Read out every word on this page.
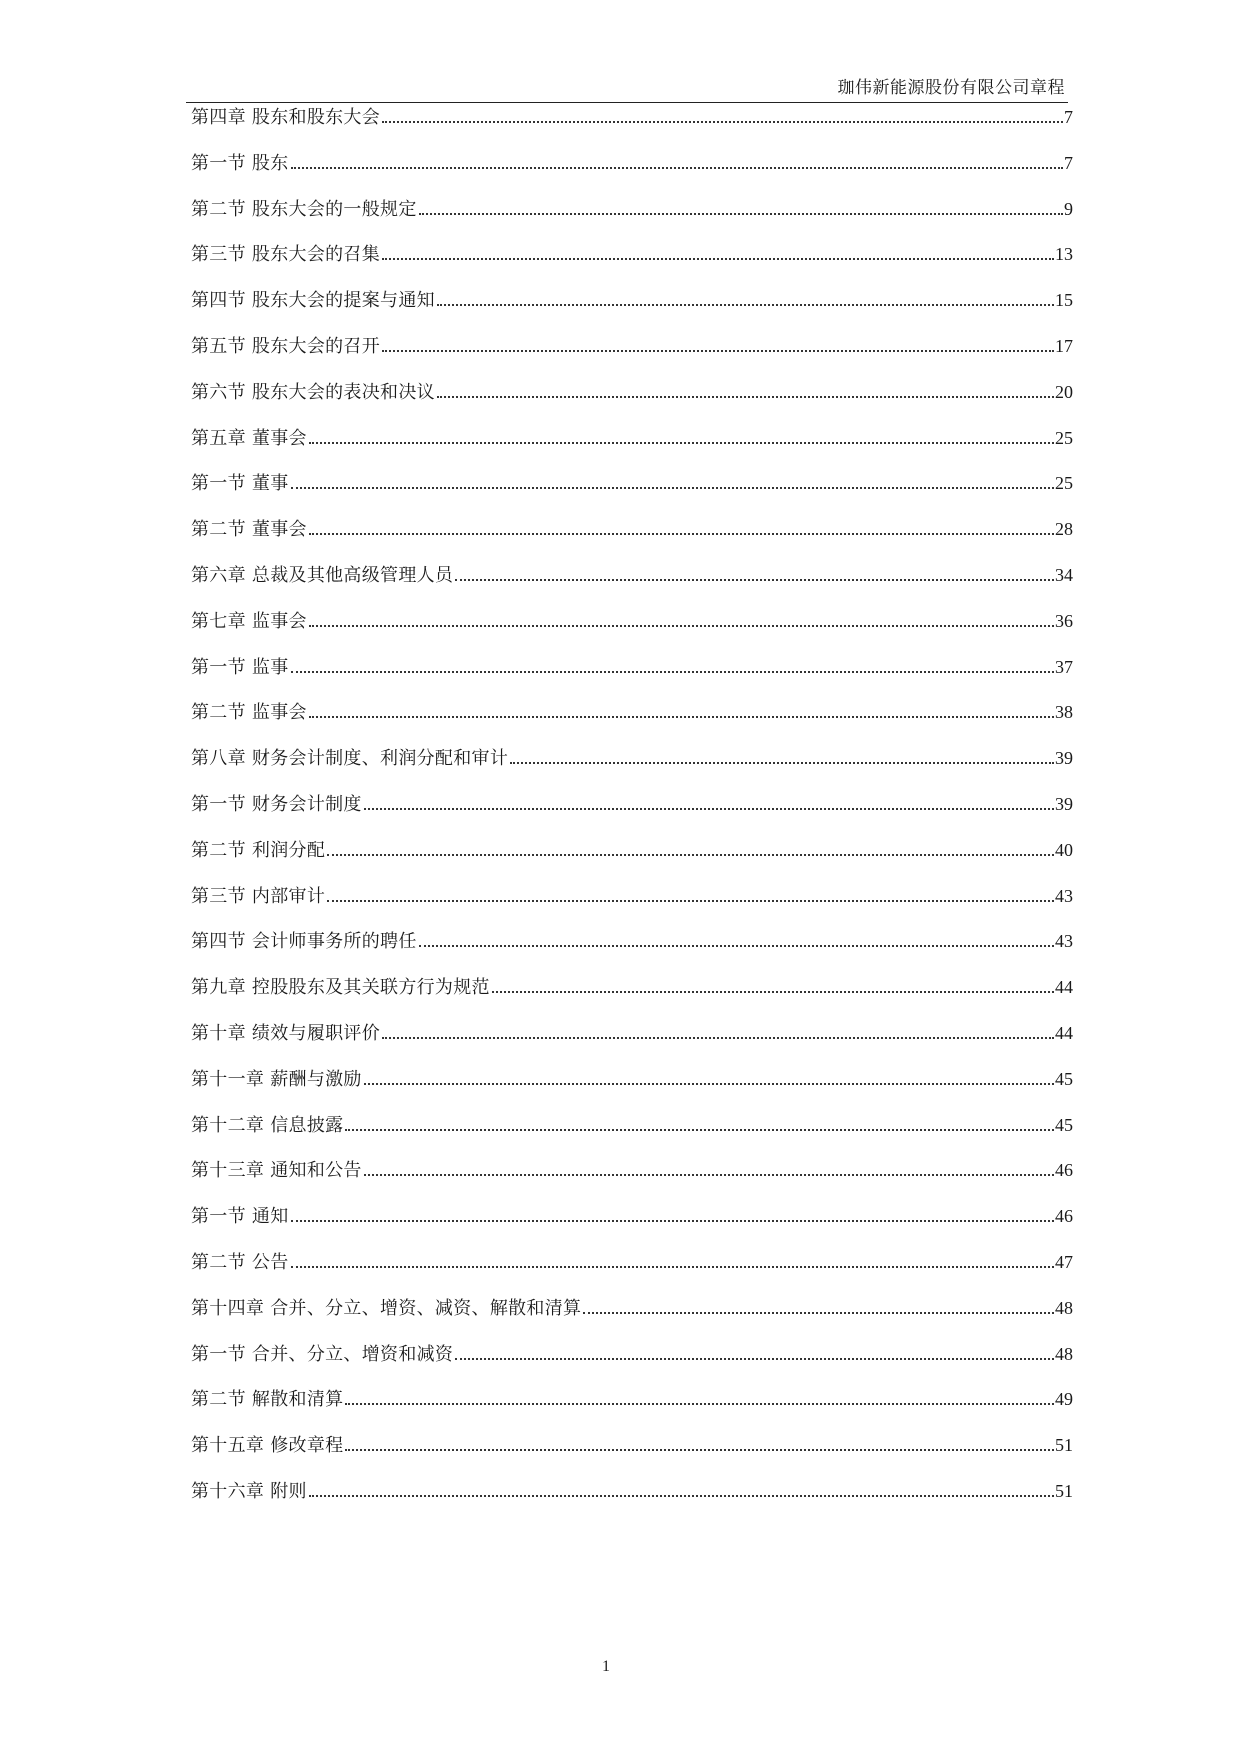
珈伟新能源股份有限公司章程
第四章 股东和股东大会	7
第一节 股东	7
第二节 股东大会的一般规定	9
第三节 股东大会的召集	13
第四节 股东大会的提案与通知	15
第五节 股东大会的召开	17
第六节 股东大会的表决和决议	20
第五章 董事会	25
第一节 董事	25
第二节 董事会	28
第六章 总裁及其他高级管理人员	34
第七章 监事会	36
第一节 监事	37
第二节 监事会	38
第八章 财务会计制度、利润分配和审计	39
第一节 财务会计制度	39
第二节 利润分配	40
第三节 内部审计	43
第四节 会计师事务所的聘任	43
第九章 控股股东及其关联方行为规范	44
第十章 绩效与履职评价	44
第十一章 薪酬与激励	45
第十二章 信息披露	45
第十三章 通知和公告	46
第一节 通知	46
第二节 公告	47
第十四章 合并、分立、增资、减资、解散和清算	48
第一节 合并、分立、增资和减资	48
第二节 解散和清算	49
第十五章 修改章程	51
第十六章 附则	51
1
